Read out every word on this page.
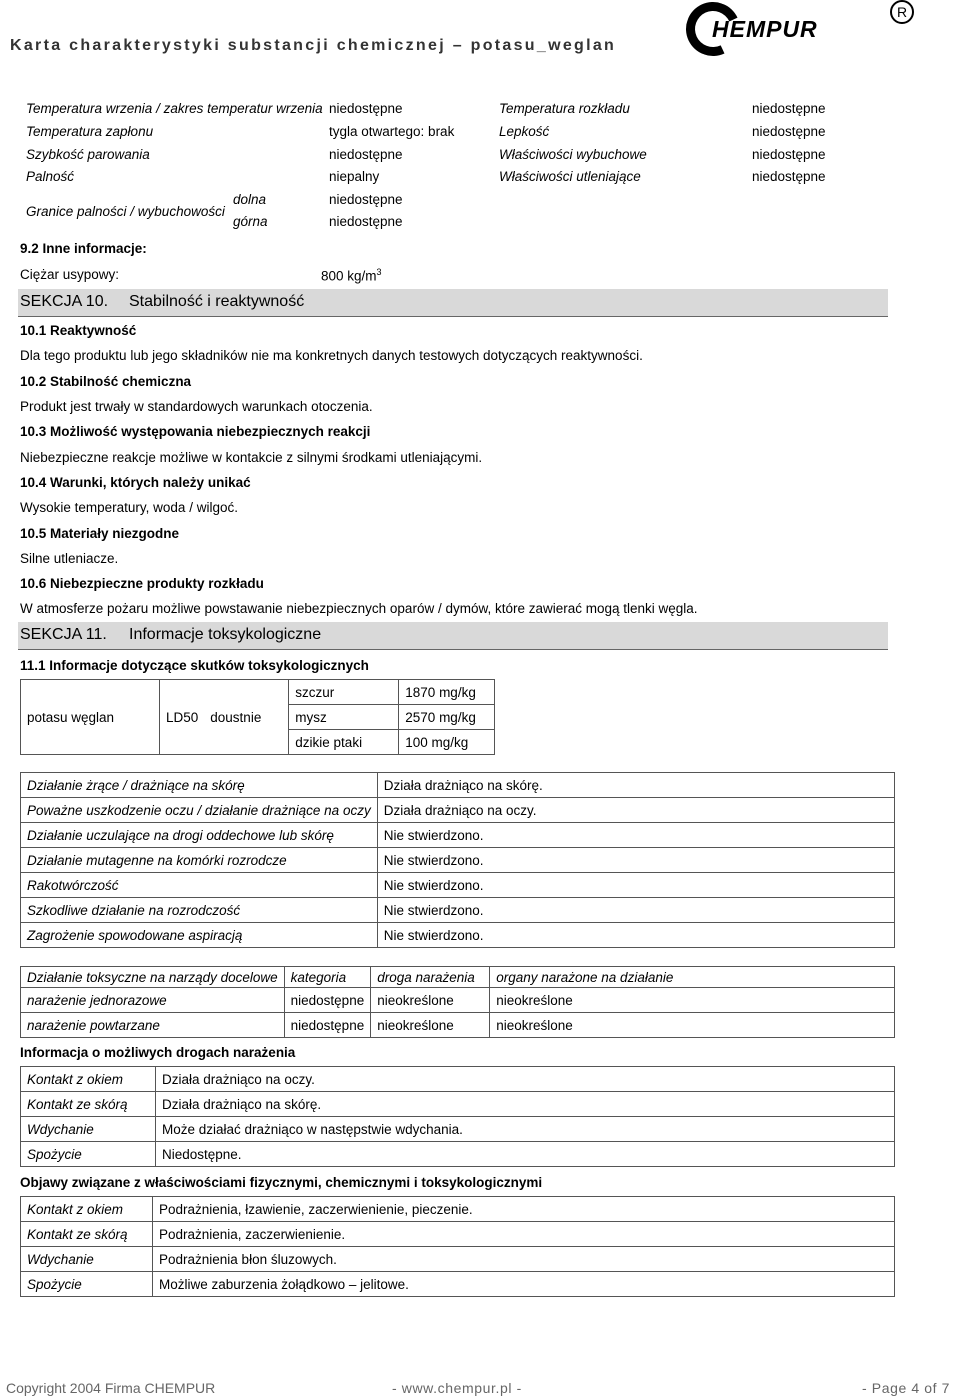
Karta charakterystyki substancji chemicznej – potasu_weglan
HEMPUR
R
Temperatura wrzenia / zakres temperatur wrzenia niedostępne	Temperatura rozkładu	niedostępne
Temperatura zapłonu	tygla otwartego: brak	Lepkość	niedostępne
Szybkość parowania	niedostępne	Właściwości wybuchowe	niedostępne
Palność	niepalny	Właściwości utleniające	niedostępne
Granice palności / wybuchowości
dolna	niedostępne
górna	niedostępne
9.2 Inne informacje:
Ciężar usypowy:	800 $kg/m^3$
SEKCJA 10. Stabilność i reaktywność
10.1 Reaktywność
Dla tego produktu lub jego składników nie ma konkretnych danych testowych dotyczących reaktywności.
10.2 Stabilność chemiczna
Produkt jest trwały w standardowych warunkach otoczenia.
10.3 Możliwość występowania niebezpiecznych reakcji
Niebezpieczne reakcje możliwe w kontakcie z silnymi środkami utleniającymi.
10.4 Warunki, których należy unikać
Wysokie temperatury, woda / wilgoć.
10.5 Materiały niezgodne
Silne utleniacze.
10.6 Niebezpieczne produkty rozkładu
W atmosferze pożaru możliwe powstawanie niebezpiecznych oparów / dymów, które zawierać mogą tlenki węgla.
SEKCJA 11. Informacje toksykologiczne
11.1 Informacje dotyczące skutków toksykologicznych
potasu węglan	LD50	doustnie	szczur	1870 mg/kg
			mysz	2570 mg/kg
			dzikie ptaki	100 mg/kg
Działanie żrące / drażniące na skórę	Działa drażniąco na skórę.
Poważne uszkodzenie oczu / działanie drażniące na oczy	Działa drażniąco na oczy.
Działanie uczulające na drogi oddechowe lub skórę	Nie stwierdzono.
Działanie mutagenne na komórki rozrodcze	Nie stwierdzono.
Rakotwórczość	Nie stwierdzono.
Szkodliwe działanie na rozrodczość	Nie stwierdzono.
Zagrożenie spowodowane aspiracją	Nie stwierdzono.
Działanie toksyczne na narządy docelowe	kategoria	droga narażenia	organy narażone na działanie
narażenie jednorazowe	niedostępne	nieokreślone	nieokreślone
narażenie powtarzane	niedostępne	nieokreślone	nieokreślone
Informacja o możliwych drogach narażenia
Kontakt z okiem	Działa drażniąco na oczy.
Kontakt ze skórą	Działa drażniąco na skórę.
Wdychanie	Może działać drażniąco w następstwie wdychania.
Spożycie	Niedostępne.
Objawy związane z właściwościami fizycznymi, chemicznymi i toksykologicznymi
Kontakt z okiem	Podrażnienia, łzawienie, zaczerwienienie, pieczenie.
Kontakt ze skórą	Podrażnienia, zaczerwienienie.
Wdychanie	Podrażnienia błon śluzowych.
Spożycie	Możliwe zaburzenia żołądkowo – jelitowe.
Copyright 2004 Firma CHEMPUR	- www.chempur.pl -	- Page 4 of 7
